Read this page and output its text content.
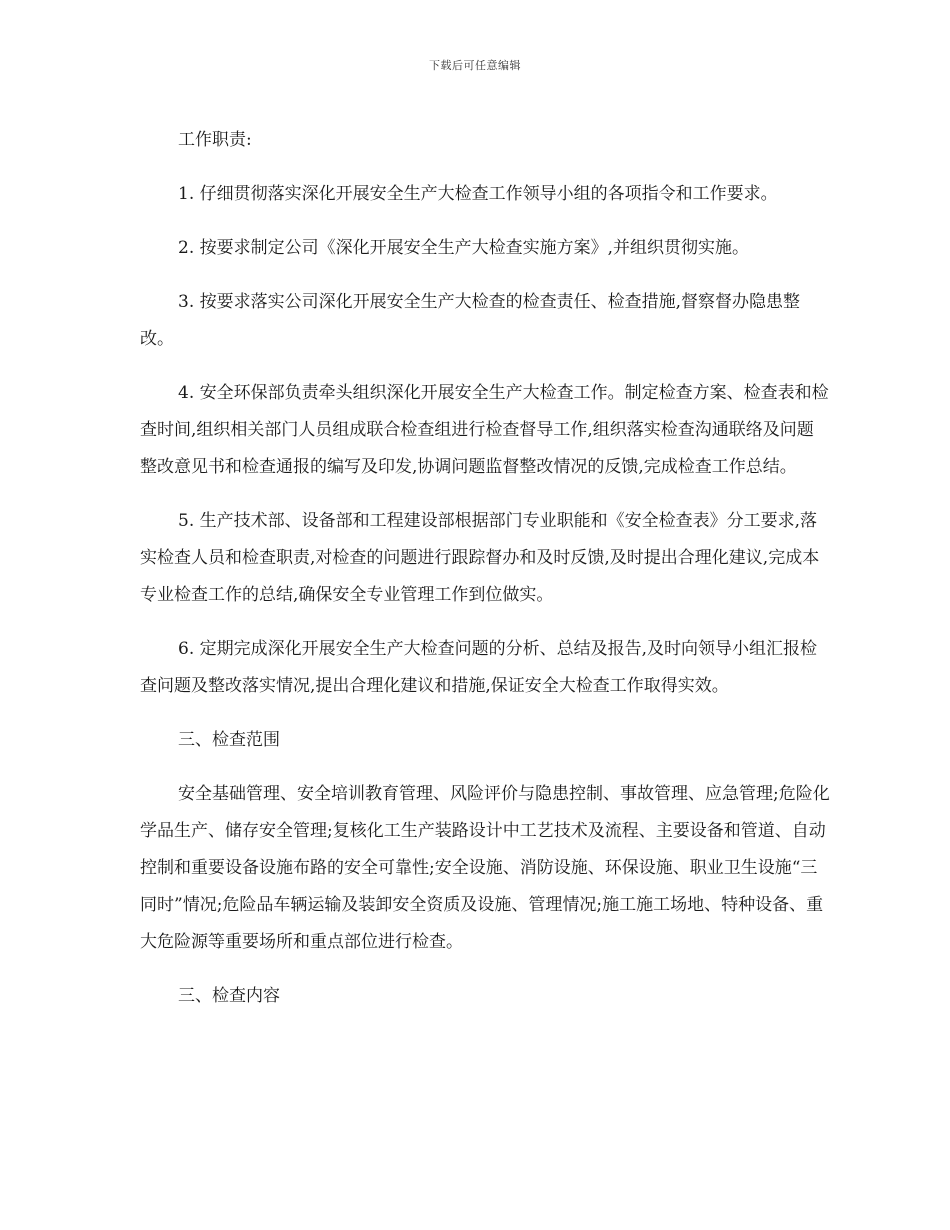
下载后可任意编辑

工作职责:

1. 仔细贯彻落实深化开展安全生产大检查工作领导小组的各项指令和工作要求。

2. 按要求制定公司《深化开展安全生产大检查实施方案》,并组织贯彻实施。

3. 按要求落实公司深化开展安全生产大检查的检查责任、检查措施,督察督办隐患整改。

4. 安全环保部负责牵头组织深化开展安全生产大检查工作。制定检查方案、检查表和检查时间,组织相关部门人员组成联合检查组进行检查督导工作,组织落实检查沟通联络及问题整改意见书和检查通报的编写及印发,协调问题监督整改情况的反馈,完成检查工作总结。

5. 生产技术部、设备部和工程建设部根据部门专业职能和《安全检查表》分工要求,落实检查人员和检查职责,对检查的问题进行跟踪督办和及时反馈,及时提出合理化建议,完成本专业检查工作的总结,确保安全专业管理工作到位做实。

6. 定期完成深化开展安全生产大检查问题的分析、总结及报告,及时向领导小组汇报检查问题及整改落实情况,提出合理化建议和措施,保证安全大检查工作取得实效。

三、检查范围

安全基础管理、安全培训教育管理、风险评价与隐患控制、事故管理、应急管理;危险化学品生产、储存安全管理;复核化工生产装路设计中工艺技术及流程、主要设备和管道、自动控制和重要设备设施布路的安全可靠性;安全设施、消防设施、环保设施、职业卫生设施“三同时”情况;危险品车辆运输及装卸安全资质及设施、管理情况;施工施工场地、特种设备、重大危险源等重要场所和重点部位进行检查。

三、检查内容
